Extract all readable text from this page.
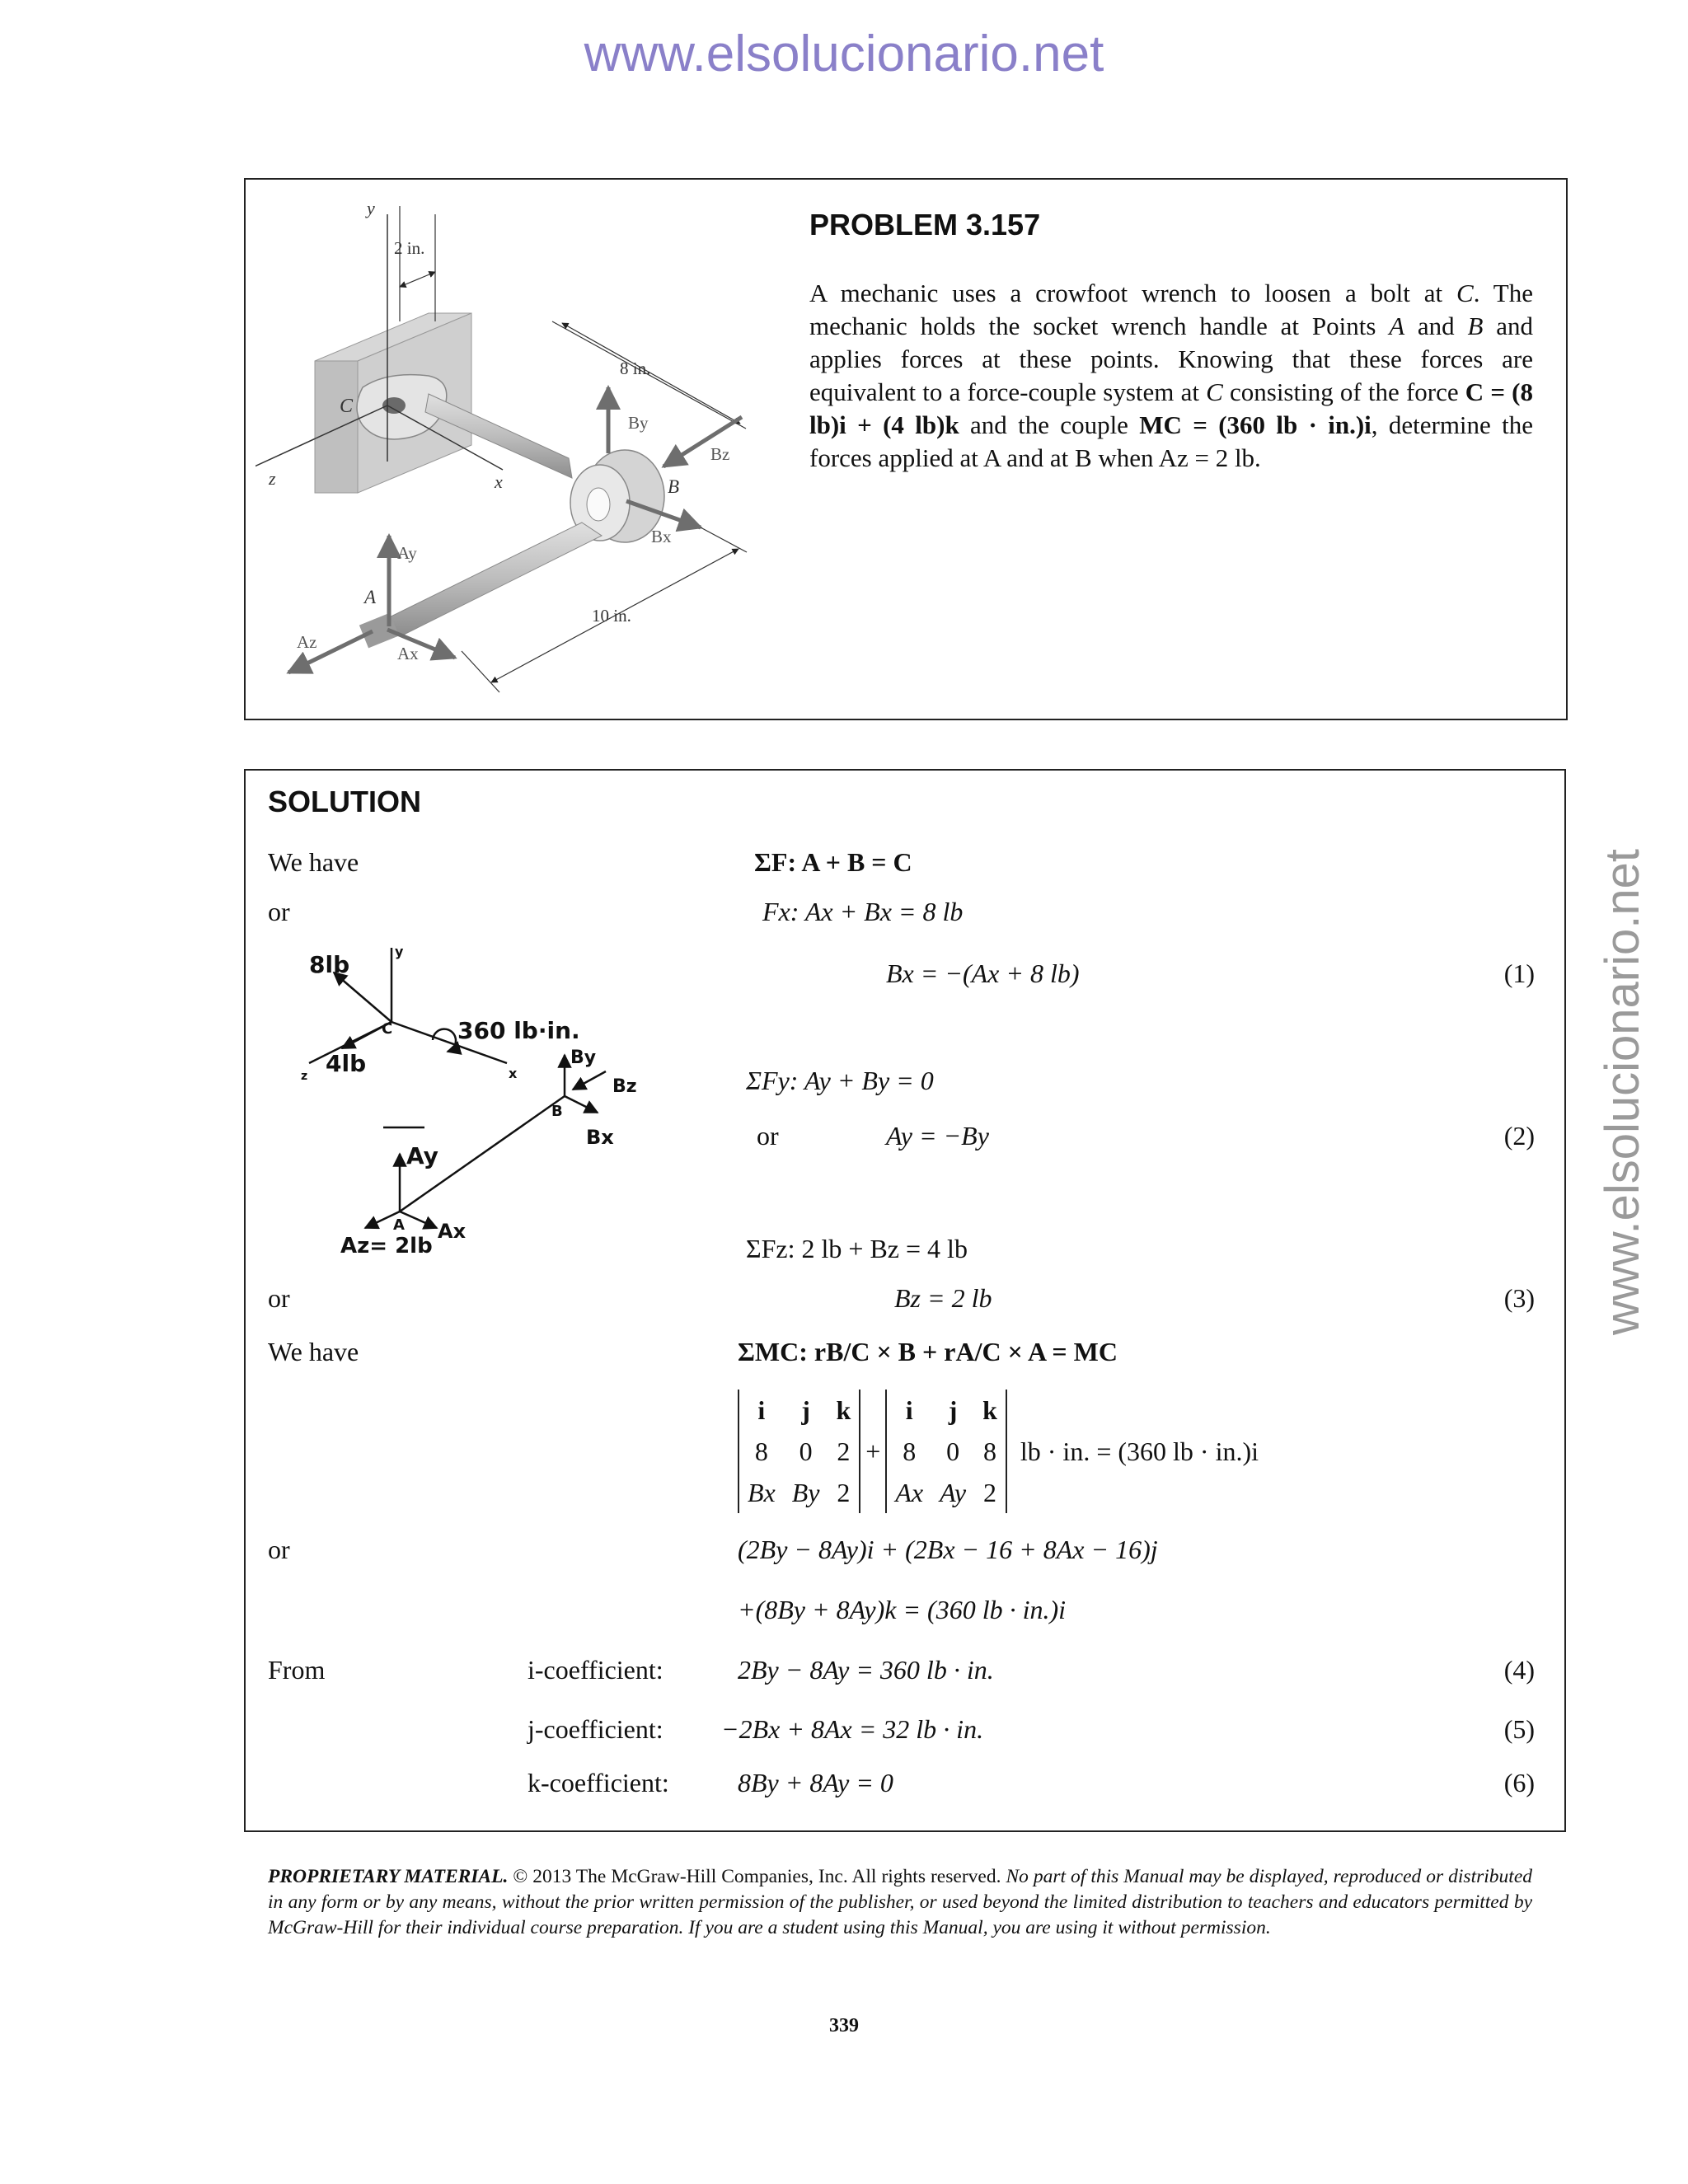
www.elsolucionario.net
www.elsolucionario.net
y
x
z
C
2 in.
8 in.
By
Bz
B
Bx
Ay
A
Az
Ax
10 in.
PROBLEM 3.157
A mechanic uses a crowfoot wrench to loosen a bolt at C. The mechanic holds the socket wrench handle at Points A and B and applies forces at these points. Knowing that these forces are equivalent to a force-couple system at C consisting of the force C = (8 lb)i + (4 lb)k and the couple MC = (360 lb · in.)i, determine the forces applied at A and at B when Az = 2 lb.
SOLUTION
We have	ΣF: A + B = C
or	Fx: Ax + Bx = 8 lb
Bx = −(Ax + 8 lb)	(1)
8lb
4lb
360 lb·in.
y
C
x
z
By
Bz
B
Bx
Ay
A Ax
Az= 2lb
ΣFy: Ay + By = 0
or	Ay = −By	(2)
ΣFz: 2 lb + Bz = 4 lb
or	Bz = 2 lb	(3)
We have	ΣMC: rB/C × B + rA/C × A = MC
i	j	k
8	0	2
Bx	By	2
+
i	j	k
8	0	8
Ax	Ay	2
lb · in. = (360 lb · in.)i
or	(2By − 8Ay)i + (2Bx − 16 + 8Ax − 16)j
+(8By + 8Ay)k = (360 lb · in.)i
From	i-coefficient:	2By − 8Ay = 360 lb · in.	(4)
j-coefficient: −2Bx + 8Ax = 32 lb · in.	(5)
k-coefficient:	8By + 8Ay = 0	(6)
PROPRIETARY MATERIAL. © 2013 The McGraw-Hill Companies, Inc. All rights reserved. No part of this Manual may be displayed, reproduced or distributed in any form or by any means, without the prior written permission of the publisher, or used beyond the limited distribution to teachers and educators permitted by McGraw-Hill for their individual course preparation. If you are a student using this Manual, you are using it without permission.
339
